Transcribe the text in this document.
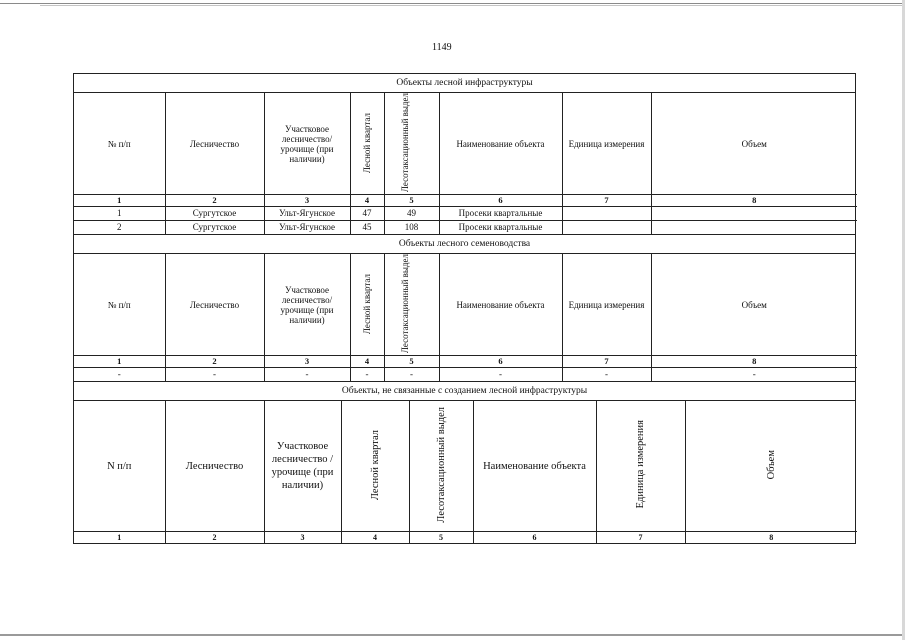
1149
Объекты лесной инфраструктуры
№ п/п	Лесничество	Участковое лесничество/ урочище (при наличии)	Лесной квартал	Лесотаксационный выдел	Наименование объекта	Единица измерения	Объем
1	2	3	4	5	6	7	8
1	Сургутское	Ульт-Ягунское	47	49	Просеки квартальные		
2	Сургутское	Ульт-Ягунское	45	108	Просеки квартальные		
Объекты лесного семеноводства
№ п/п	Лесничество	Участковое лесничество/ урочище (при наличии)	Лесной квартал	Лесотаксационный выдел	Наименование объекта	Единица измерения	Объем
1	2	3	4	5	6	7	8
-	-	-	-	-	-	-	-
Объекты, не связанные с созданием лесной инфраструктуры
N п/п	Лесничество	Участковое лесничество / урочище (при наличии)	Лесной квартал	Лесотаксационный выдел	Наименование объекта	Единица измерения	Объем
1	2	3	4	5	6	7	8
